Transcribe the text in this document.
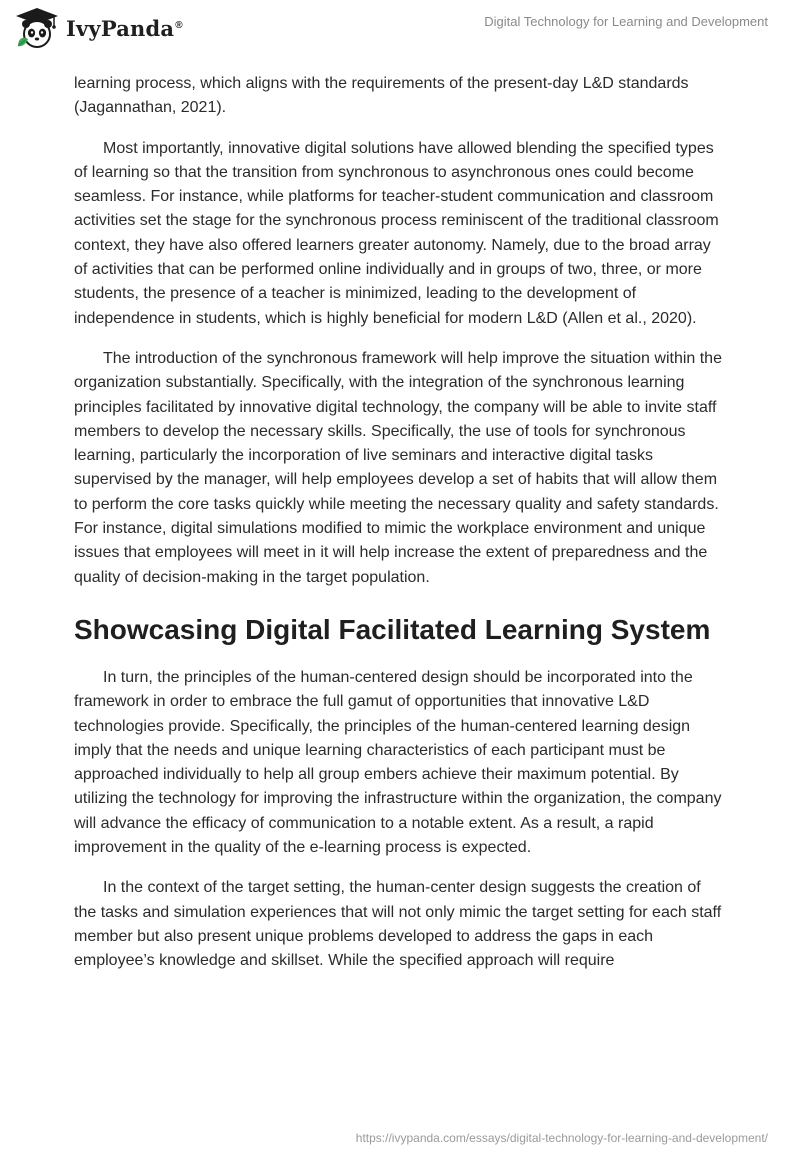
IvyPanda®	Digital Technology for Learning and Development

learning process, which aligns with the requirements of the present-day L&D standards (Jagannathan, 2021).

Most importantly, innovative digital solutions have allowed blending the specified types of learning so that the transition from synchronous to asynchronous ones could become seamless. For instance, while platforms for teacher-student communication and classroom activities set the stage for the synchronous process reminiscent of the traditional classroom context, they have also offered learners greater autonomy. Namely, due to the broad array of activities that can be performed online individually and in groups of two, three, or more students, the presence of a teacher is minimized, leading to the development of independence in students, which is highly beneficial for modern L&D (Allen et al., 2020).

The introduction of the synchronous framework will help improve the situation within the organization substantially. Specifically, with the integration of the synchronous learning principles facilitated by innovative digital technology, the company will be able to invite staff members to develop the necessary skills. Specifically, the use of tools for synchronous learning, particularly the incorporation of live seminars and interactive digital tasks supervised by the manager, will help employees develop a set of habits that will allow them to perform the core tasks quickly while meeting the necessary quality and safety standards. For instance, digital simulations modified to mimic the workplace environment and unique issues that employees will meet in it will help increase the extent of preparedness and the quality of decision-making in the target population.

Showcasing Digital Facilitated Learning System

In turn, the principles of the human-centered design should be incorporated into the framework in order to embrace the full gamut of opportunities that innovative L&D technologies provide. Specifically, the principles of the human-centered learning design imply that the needs and unique learning characteristics of each participant must be approached individually to help all group embers achieve their maximum potential. By utilizing the technology for improving the infrastructure within the organization, the company will advance the efficacy of communication to a notable extent. As a result, a rapid improvement in the quality of the e-learning process is expected.

In the context of the target setting, the human-center design suggests the creation of the tasks and simulation experiences that will not only mimic the target setting for each staff member but also present unique problems developed to address the gaps in each employee’s knowledge and skillset. While the specified approach will require

https://ivypanda.com/essays/digital-technology-for-learning-and-development/
